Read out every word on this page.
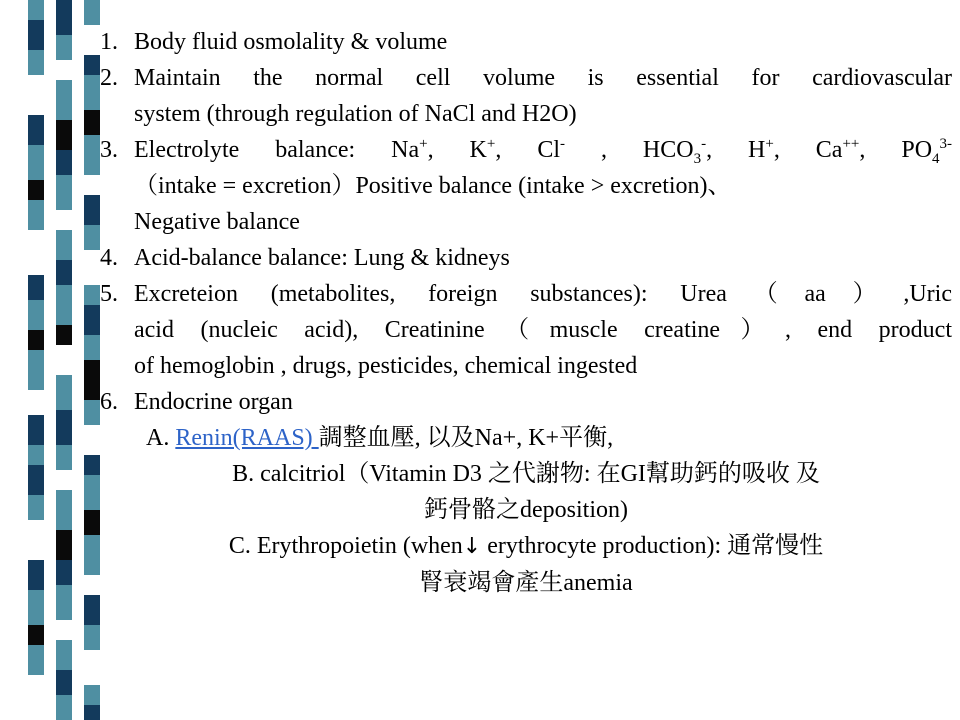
1. Body fluid osmolality & volume
2. Maintain the normal cell volume is essential for cardiovascular
system (through regulation of NaCl and H2O)
3. Electrolyte balance: Na+, K+, Cl- , $HCO_3^-$, H+, Ca++, $PO_4^{3-}$
（intake = excretion）Positive balance (intake > excretion)、
Negative balance
4. Acid-balance balance: Lung & kidneys
5. Excreteion (metabolites, foreign substances): Urea（aa）,Uric
acid (nucleic acid), Creatinine（muscle creatine）, end product
of hemoglobin , drugs, pesticides, chemical ingested
6. Endocrine organ
A. Renin(RAAS) 調整血壓, 以及Na+, K+平衡,
B. calcitriol（Vitamin D3 之代謝物: 在GI幫助鈣的吸收 及
鈣骨骼之deposition)
C. Erythropoietin (when↓ erythrocyte production): 通常慢性
腎衰竭會產生anemia
